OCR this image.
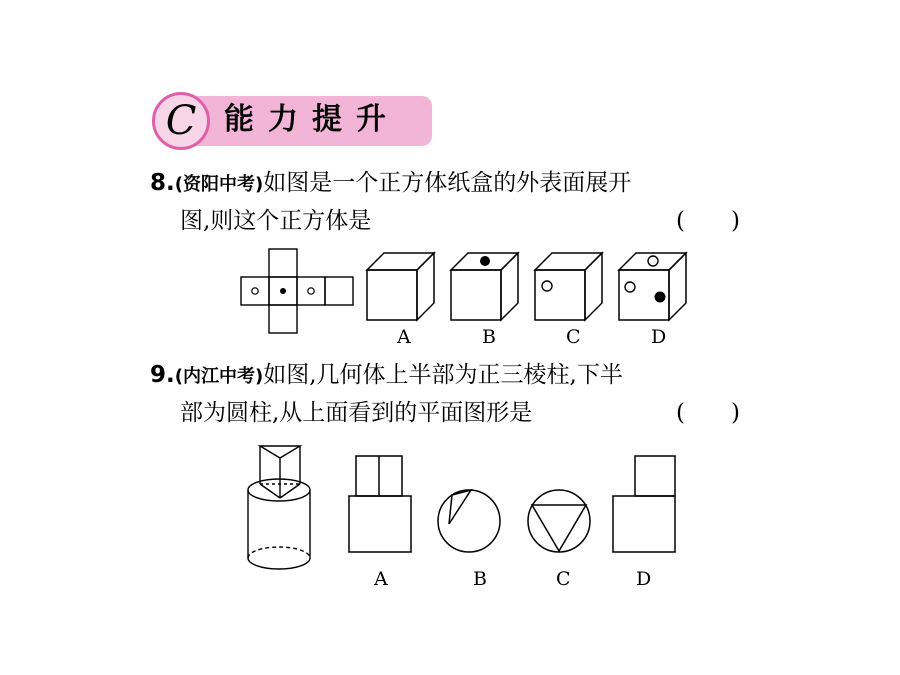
C 能力提升
8.(资阳中考)如图是一个正方体纸盒的外表面展开
图,则这个正方体是	(　　)
A	B	C	D
9.(内江中考)如图,几何体上半部为正三棱柱,下半
部为圆柱,从上面看到的平面图形是	(　　)
A	B	C	D
